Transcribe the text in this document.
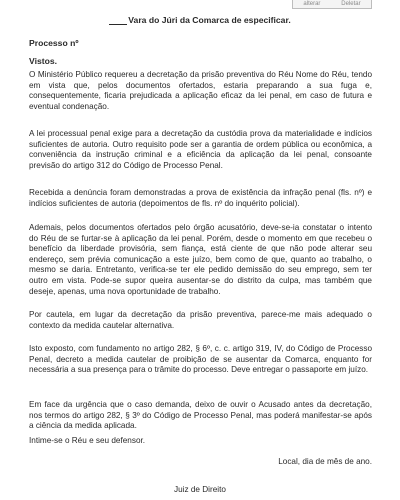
alterar	Deletar
Vara do Júri da Comarca de especificar.
Processo nº
Vistos.

O Ministério Público requereu a decretação da prisão preventiva do Réu Nome do Réu, tendo em vista que, pelos documentos ofertados, estaria preparando a sua fuga e, consequentemente, ficaria prejudicada a aplicação eficaz da lei penal, em caso de futura e eventual condenação.

A lei processual penal exige para a decretação da custódia prova da materialidade e indícios suficientes de autoria. Outro requisito pode ser a garantia de ordem pública ou econômica, a conveniência da instrução criminal e a eficiência da aplicação da lei penal, consoante previsão do artigo 312 do Código de Processo Penal.

Recebida a denúncia foram demonstradas a prova de existência da infração penal (fls. nº) e indícios suficientes de autoria (depoimentos de fls. nº do inquérito policial).

Ademais, pelos documentos ofertados pelo órgão acusatório, deve-se-ia constatar o intento do Réu de se furtar-se à aplicação da lei penal. Porém, desde o momento em que recebeu o benefício da liberdade provisória, sem fiança, está ciente de que não pode alterar seu endereço, sem prévia comunicação a este juízo, bem como de que, quanto ao trabalho, o mesmo se daria. Entretanto, verifica-se ter ele pedido demissão do seu emprego, sem ter outro em vista. Pode-se supor queira ausentar-se do distrito da culpa, mas também que deseje, apenas, uma nova oportunidade de trabalho.

Por cautela, em lugar da decretação da prisão preventiva, parece-me mais adequado o contexto da medida cautelar alternativa.

Isto exposto, com fundamento no artigo 282, § 6º, c. c. artigo 319, IV, do Código de Processo Penal, decreto a medida cautelar de proibição de se ausentar da Comarca, enquanto for necessária a sua presença para o trâmite do processo. Deve entregar o passaporte em juízo.

Em face da urgência que o caso demanda, deixo de ouvir o Acusado antes da decretação, nos termos do artigo 282, § 3º do Código de Processo Penal, mas poderá manifestar-se após a ciência da medida aplicada.

Intime-se o Réu e seu defensor.

Local, dia de mês de ano.
Juiz de Direito
